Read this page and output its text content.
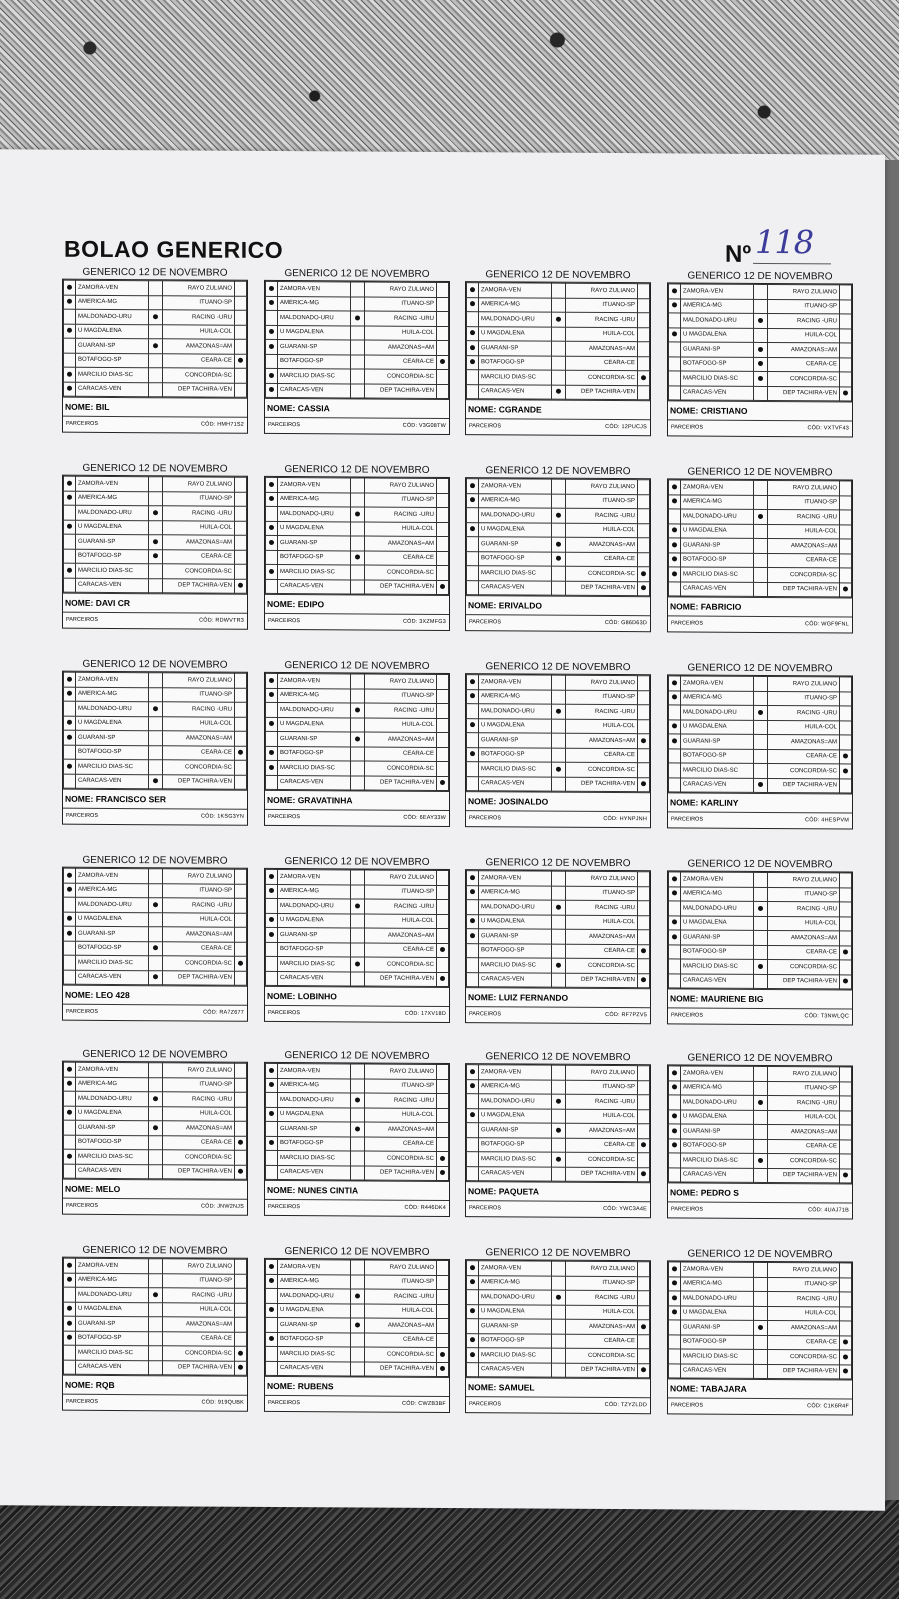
BOLAO GENERICO	Nº 118
GENERICO 12 DE NOVEMBRO
	ZAMORA-VEN		RAYO ZULIANO	
	AMERICA-MG		ITUANO-SP	
	MALDONADO-URU		RACING -URU	
	U MAGDALENA		HUILA-COL	
	GUARANI-SP		AMAZONAS=AM	
	BOTAFOGO-SP		CEARA-CE	
	MARCILIO DIAS-SC		CONCORDIA-SC	
	CARACAS-VEN		DEP TACHIRA-VEN	
NOME: BIL
PARCEIROS	CÓD: HMH71S2
GENERICO 12 DE NOVEMBRO
	ZAMORA-VEN		RAYO ZULIANO	
	AMERICA-MG		ITUANO-SP	
	MALDONADO-URU		RACING -URU	
	U MAGDALENA		HUILA-COL	
	GUARANI-SP		AMAZONAS=AM	
	BOTAFOGO-SP		CEARA-CE	
	MARCILIO DIAS-SC		CONCORDIA-SC	
	CARACAS-VEN		DEP TACHIRA-VEN	
NOME: CASSIA
PARCEIROS	CÓD: V3G08TW
GENERICO 12 DE NOVEMBRO
	ZAMORA-VEN		RAYO ZULIANO	
	AMERICA-MG		ITUANO-SP	
	MALDONADO-URU		RACING -URU	
	U MAGDALENA		HUILA-COL	
	GUARANI-SP		AMAZONAS=AM	
	BOTAFOGO-SP		CEARA-CE	
	MARCILIO DIAS-SC		CONCORDIA-SC	
	CARACAS-VEN		DEP TACHIRA-VEN	
NOME: CGRANDE
PARCEIROS	CÓD: 12PUCJS
GENERICO 12 DE NOVEMBRO
	ZAMORA-VEN		RAYO ZULIANO	
	AMERICA-MG		ITUANO-SP	
	MALDONADO-URU		RACING -URU	
	U MAGDALENA		HUILA-COL	
	GUARANI-SP		AMAZONAS=AM	
	BOTAFOGO-SP		CEARA-CE	
	MARCILIO DIAS-SC		CONCORDIA-SC	
	CARACAS-VEN		DEP TACHIRA-VEN	
NOME: CRISTIANO
PARCEIROS	CÓD: VXTVF43
GENERICO 12 DE NOVEMBRO
	ZAMORA-VEN		RAYO ZULIANO	
	AMERICA-MG		ITUANO-SP	
	MALDONADO-URU		RACING -URU	
	U MAGDALENA		HUILA-COL	
	GUARANI-SP		AMAZONAS=AM	
	BOTAFOGO-SP		CEARA-CE	
	MARCILIO DIAS-SC		CONCORDIA-SC	
	CARACAS-VEN		DEP TACHIRA-VEN	
NOME: DAVI CR
PARCEIROS	CÓD: RDWVTR3
GENERICO 12 DE NOVEMBRO
	ZAMORA-VEN		RAYO ZULIANO	
	AMERICA-MG		ITUANO-SP	
	MALDONADO-URU		RACING -URU	
	U MAGDALENA		HUILA-COL	
	GUARANI-SP		AMAZONAS=AM	
	BOTAFOGO-SP		CEARA-CE	
	MARCILIO DIAS-SC		CONCORDIA-SC	
	CARACAS-VEN		DEP TACHIRA-VEN	
NOME: EDIPO
PARCEIROS	CÓD: 3XZMFG3
GENERICO 12 DE NOVEMBRO
	ZAMORA-VEN		RAYO ZULIANO	
	AMERICA-MG		ITUANO-SP	
	MALDONADO-URU		RACING -URU	
	U MAGDALENA		HUILA-COL	
	GUARANI-SP		AMAZONAS=AM	
	BOTAFOGO-SP		CEARA-CE	
	MARCILIO DIAS-SC		CONCORDIA-SC	
	CARACAS-VEN		DEP TACHIRA-VEN	
NOME: ERIVALDO
PARCEIROS	CÓD: G86D63D
GENERICO 12 DE NOVEMBRO
	ZAMORA-VEN		RAYO ZULIANO	
	AMERICA-MG		ITUANO-SP	
	MALDONADO-URU		RACING -URU	
	U MAGDALENA		HUILA-COL	
	GUARANI-SP		AMAZONAS=AM	
	BOTAFOGO-SP		CEARA-CE	
	MARCILIO DIAS-SC		CONCORDIA-SC	
	CARACAS-VEN		DEP TACHIRA-VEN	
NOME: FABRICIO
PARCEIROS	CÓD: WGF9FNL
GENERICO 12 DE NOVEMBRO
	ZAMORA-VEN		RAYO ZULIANO	
	AMERICA-MG		ITUANO-SP	
	MALDONADO-URU		RACING -URU	
	U MAGDALENA		HUILA-COL	
	GUARANI-SP		AMAZONAS=AM	
	BOTAFOGO-SP		CEARA-CE	
	MARCILIO DIAS-SC		CONCORDIA-SC	
	CARACAS-VEN		DEP TACHIRA-VEN	
NOME: FRANCISCO SER
PARCEIROS	CÓD: 1KSG3YN
GENERICO 12 DE NOVEMBRO
	ZAMORA-VEN		RAYO ZULIANO	
	AMERICA-MG		ITUANO-SP	
	MALDONADO-URU		RACING -URU	
	U MAGDALENA		HUILA-COL	
	GUARANI-SP		AMAZONAS=AM	
	BOTAFOGO-SP		CEARA-CE	
	MARCILIO DIAS-SC		CONCORDIA-SC	
	CARACAS-VEN		DEP TACHIRA-VEN	
NOME: GRAVATINHA
PARCEIROS	CÓD: 6EAY33W
GENERICO 12 DE NOVEMBRO
	ZAMORA-VEN		RAYO ZULIANO	
	AMERICA-MG		ITUANO-SP	
	MALDONADO-URU		RACING -URU	
	U MAGDALENA		HUILA-COL	
	GUARANI-SP		AMAZONAS=AM	
	BOTAFOGO-SP		CEARA-CE	
	MARCILIO DIAS-SC		CONCORDIA-SC	
	CARACAS-VEN		DEP TACHIRA-VEN	
NOME: JOSINALDO
PARCEIROS	CÓD: HYNPJNH
GENERICO 12 DE NOVEMBRO
	ZAMORA-VEN		RAYO ZULIANO	
	AMERICA-MG		ITUANO-SP	
	MALDONADO-URU		RACING -URU	
	U MAGDALENA		HUILA-COL	
	GUARANI-SP		AMAZONAS=AM	
	BOTAFOGO-SP		CEARA-CE	
	MARCILIO DIAS-SC		CONCORDIA-SC	
	CARACAS-VEN		DEP TACHIRA-VEN	
NOME: KARLINY
PARCEIROS	CÓD: 4HESPVM
GENERICO 12 DE NOVEMBRO
	ZAMORA-VEN		RAYO ZULIANO	
	AMERICA-MG		ITUANO-SP	
	MALDONADO-URU		RACING -URU	
	U MAGDALENA		HUILA-COL	
	GUARANI-SP		AMAZONAS=AM	
	BOTAFOGO-SP		CEARA-CE	
	MARCILIO DIAS-SC		CONCORDIA-SC	
	CARACAS-VEN		DEP TACHIRA-VEN	
NOME: LEO 428
PARCEIROS	CÓD: RA7Z677
GENERICO 12 DE NOVEMBRO
	ZAMORA-VEN		RAYO ZULIANO	
	AMERICA-MG		ITUANO-SP	
	MALDONADO-URU		RACING -URU	
	U MAGDALENA		HUILA-COL	
	GUARANI-SP		AMAZONAS=AM	
	BOTAFOGO-SP		CEARA-CE	
	MARCILIO DIAS-SC		CONCORDIA-SC	
	CARACAS-VEN		DEP TACHIRA-VEN	
NOME: LOBINHO
PARCEIROS	CÓD: 17XV18D
GENERICO 12 DE NOVEMBRO
	ZAMORA-VEN		RAYO ZULIANO	
	AMERICA-MG		ITUANO-SP	
	MALDONADO-URU		RACING -URU	
	U MAGDALENA		HUILA-COL	
	GUARANI-SP		AMAZONAS=AM	
	BOTAFOGO-SP		CEARA-CE	
	MARCILIO DIAS-SC		CONCORDIA-SC	
	CARACAS-VEN		DEP TACHIRA-VEN	
NOME: LUIZ FERNANDO
PARCEIROS	CÓD: RF7PZV5
GENERICO 12 DE NOVEMBRO
	ZAMORA-VEN		RAYO ZULIANO	
	AMERICA-MG		ITUANO-SP	
	MALDONADO-URU		RACING -URU	
	U MAGDALENA		HUILA-COL	
	GUARANI-SP		AMAZONAS=AM	
	BOTAFOGO-SP		CEARA-CE	
	MARCILIO DIAS-SC		CONCORDIA-SC	
	CARACAS-VEN		DEP TACHIRA-VEN	
NOME: MAURIENE BIG
PARCEIROS	CÓD: T3NWLQC
GENERICO 12 DE NOVEMBRO
	ZAMORA-VEN		RAYO ZULIANO	
	AMERICA-MG		ITUANO-SP	
	MALDONADO-URU		RACING -URU	
	U MAGDALENA		HUILA-COL	
	GUARANI-SP		AMAZONAS=AM	
	BOTAFOGO-SP		CEARA-CE	
	MARCILIO DIAS-SC		CONCORDIA-SC	
	CARACAS-VEN		DEP TACHIRA-VEN	
NOME: MELO
PARCEIROS	CÓD: JNW2NJS
GENERICO 12 DE NOVEMBRO
	ZAMORA-VEN		RAYO ZULIANO	
	AMERICA-MG		ITUANO-SP	
	MALDONADO-URU		RACING -URU	
	U MAGDALENA		HUILA-COL	
	GUARANI-SP		AMAZONAS=AM	
	BOTAFOGO-SP		CEARA-CE	
	MARCILIO DIAS-SC		CONCORDIA-SC	
	CARACAS-VEN		DEP TACHIRA-VEN	
NOME: NUNES CINTIA
PARCEIROS	CÓD: R446DK4
GENERICO 12 DE NOVEMBRO
	ZAMORA-VEN		RAYO ZULIANO	
	AMERICA-MG		ITUANO-SP	
	MALDONADO-URU		RACING -URU	
	U MAGDALENA		HUILA-COL	
	GUARANI-SP		AMAZONAS=AM	
	BOTAFOGO-SP		CEARA-CE	
	MARCILIO DIAS-SC		CONCORDIA-SC	
	CARACAS-VEN		DEP TACHIRA-VEN	
NOME: PAQUETA
PARCEIROS	CÓD: YWC3A4E
GENERICO 12 DE NOVEMBRO
	ZAMORA-VEN		RAYO ZULIANO	
	AMERICA-MG		ITUANO-SP	
	MALDONADO-URU		RACING -URU	
	U MAGDALENA		HUILA-COL	
	GUARANI-SP		AMAZONAS=AM	
	BOTAFOGO-SP		CEARA-CE	
	MARCILIO DIAS-SC		CONCORDIA-SC	
	CARACAS-VEN		DEP TACHIRA-VEN	
NOME: PEDRO S
PARCEIROS	CÓD: 4UAJ71B
GENERICO 12 DE NOVEMBRO
	ZAMORA-VEN		RAYO ZULIANO	
	AMERICA-MG		ITUANO-SP	
	MALDONADO-URU		RACING -URU	
	U MAGDALENA		HUILA-COL	
	GUARANI-SP		AMAZONAS=AM	
	BOTAFOGO-SP		CEARA-CE	
	MARCILIO DIAS-SC		CONCORDIA-SC	
	CARACAS-VEN		DEP TACHIRA-VEN	
NOME: RQB
PARCEIROS	CÓD: 919QUBK
GENERICO 12 DE NOVEMBRO
	ZAMORA-VEN		RAYO ZULIANO	
	AMERICA-MG		ITUANO-SP	
	MALDONADO-URU		RACING -URU	
	U MAGDALENA		HUILA-COL	
	GUARANI-SP		AMAZONAS=AM	
	BOTAFOGO-SP		CEARA-CE	
	MARCILIO DIAS-SC		CONCORDIA-SC	
	CARACAS-VEN		DEP TACHIRA-VEN	
NOME: RUBENS
PARCEIROS	CÓD: CWZB3BF
GENERICO 12 DE NOVEMBRO
	ZAMORA-VEN		RAYO ZULIANO	
	AMERICA-MG		ITUANO-SP	
	MALDONADO-URU		RACING -URU	
	U MAGDALENA		HUILA-COL	
	GUARANI-SP		AMAZONAS=AM	
	BOTAFOGO-SP		CEARA-CE	
	MARCILIO DIAS-SC		CONCORDIA-SC	
	CARACAS-VEN		DEP TACHIRA-VEN	
NOME: SAMUEL
PARCEIROS	CÓD: TZYZLDD
GENERICO 12 DE NOVEMBRO
	ZAMORA-VEN		RAYO ZULIANO	
	AMERICA-MG		ITUANO-SP	
	MALDONADO-URU		RACING -URU	
	U MAGDALENA		HUILA-COL	
	GUARANI-SP		AMAZONAS=AM	
	BOTAFOGO-SP		CEARA-CE	
	MARCILIO DIAS-SC		CONCORDIA-SC	
	CARACAS-VEN		DEP TACHIRA-VEN	
NOME: TABAJARA
PARCEIROS	CÓD: C1K6R4F
